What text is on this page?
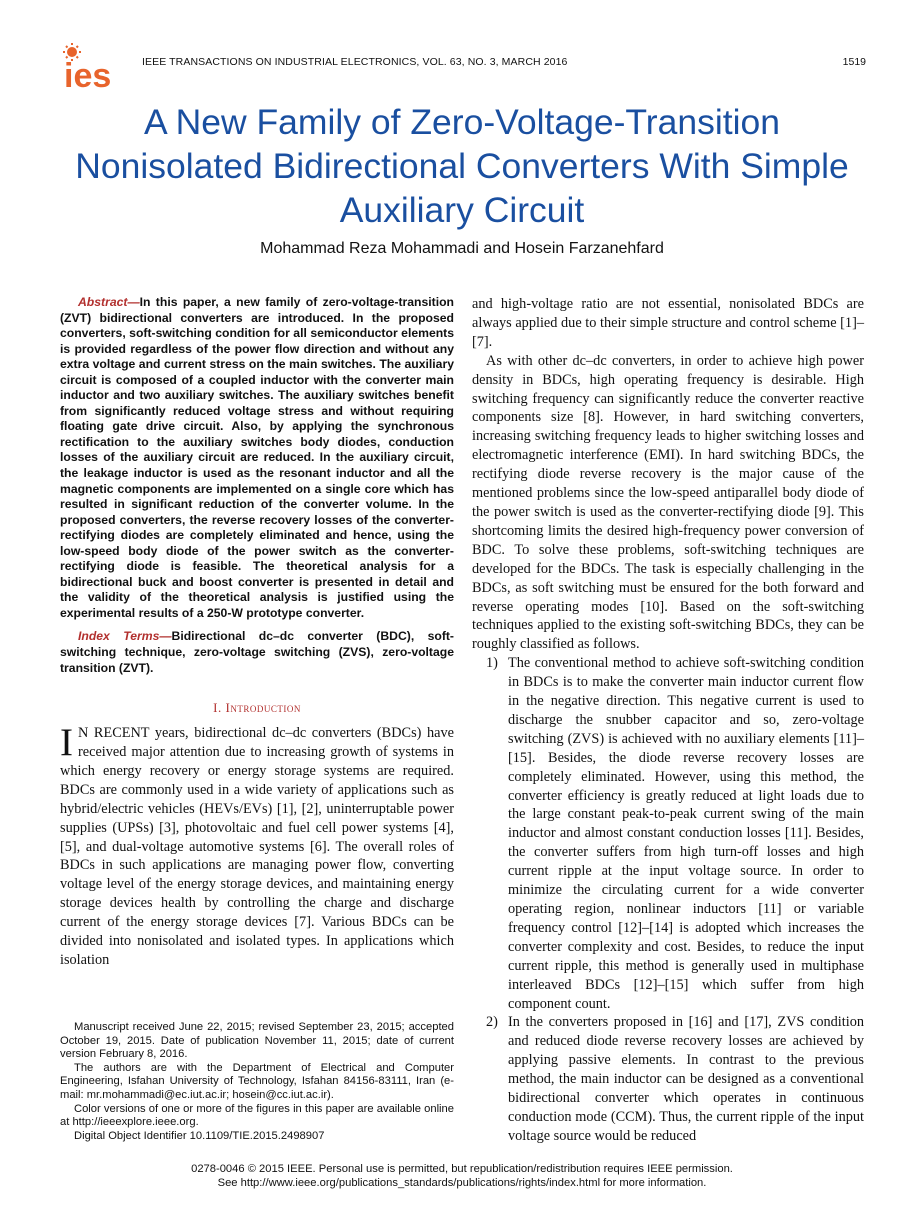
ies	IEEE TRANSACTIONS ON INDUSTRIAL ELECTRONICS, VOL. 63, NO. 3, MARCH 2016	1519
A New Family of Zero-Voltage-Transition Nonisolated Bidirectional Converters With Simple Auxiliary Circuit
Mohammad Reza Mohammadi and Hosein Farzanehfard

Abstract—In this paper, a new family of zero-voltage-transition (ZVT) bidirectional converters are introduced. In the proposed converters, soft-switching condition for all semiconductor elements is provided regardless of the power flow direction and without any extra voltage and current stress on the main switches. The auxiliary circuit is composed of a coupled inductor with the converter main inductor and two auxiliary switches. The auxiliary switches benefit from significantly reduced voltage stress and without requiring floating gate drive circuit. Also, by applying the synchronous rectification to the auxiliary switches body diodes, conduction losses of the auxiliary circuit are reduced. In the auxiliary circuit, the leakage inductor is used as the resonant inductor and all the magnetic components are implemented on a single core which has resulted in significant reduction of the converter volume. In the proposed converters, the reverse recovery losses of the converter-rectifying diodes are completely eliminated and hence, using the low-speed body diode of the power switch as the converter-rectifying diode is feasible. The theoretical analysis for a bidirectional buck and boost converter is presented in detail and the validity of the theoretical analysis is justified using the experimental results of a 250-W prototype converter.

Index Terms—Bidirectional dc–dc converter (BDC), soft-switching technique, zero-voltage switching (ZVS), zero-voltage transition (ZVT).

I. Introduction

I N RECENT years, bidirectional dc–dc converters (BDCs) have received major attention due to increasing growth of systems in which energy recovery or energy storage systems are required. BDCs are commonly used in a wide variety of applications such as hybrid/electric vehicles (HEVs/EVs) [1], [2], uninterruptable power supplies (UPSs) [3], photovoltaic and fuel cell power systems [4], [5], and dual-voltage automotive systems [6]. The overall roles of BDCs in such applications are managing power flow, converting voltage level of the energy storage devices, and maintaining energy storage devices health by controlling the charge and discharge current of the energy storage devices [7]. Various BDCs can be divided into nonisolated and isolated types. In applications which isolation

Manuscript received June 22, 2015; revised September 23, 2015; accepted October 19, 2015. Date of publication November 11, 2015; date of current version February 8, 2016.

The authors are with the Department of Electrical and Computer Engineering, Isfahan University of Technology, Isfahan 84156-83111, Iran (e-mail: mr.mohammadi@ec.iut.ac.ir; hosein@cc.iut.ac.ir).

Color versions of one or more of the figures in this paper are available online at http://ieeexplore.ieee.org.

Digital Object Identifier 10.1109/TIE.2015.2498907

and high-voltage ratio are not essential, nonisolated BDCs are always applied due to their simple structure and control scheme [1]–[7].

As with other dc–dc converters, in order to achieve high power density in BDCs, high operating frequency is desirable. High switching frequency can significantly reduce the converter reactive components size [8]. However, in hard switching converters, increasing switching frequency leads to higher switching losses and electromagnetic interference (EMI). In hard switching BDCs, the rectifying diode reverse recovery is the major cause of the mentioned problems since the low-speed antiparallel body diode of the power switch is used as the converter-rectifying diode [9]. This shortcoming limits the desired high-frequency power conversion of BDC. To solve these problems, soft-switching techniques are developed for the BDCs. The task is especially challenging in the BDCs, as soft switching must be ensured for the both forward and reverse operating modes [10]. Based on the soft-switching techniques applied to the existing soft-switching BDCs, they can be roughly classified as follows.

1) The conventional method to achieve soft-switching condition in BDCs is to make the converter main inductor current flow in the negative direction. This negative current is used to discharge the snubber capacitor and so, zero-voltage switching (ZVS) is achieved with no auxiliary elements [11]–[15]. Besides, the diode reverse recovery losses are completely eliminated. However, using this method, the converter efficiency is greatly reduced at light loads due to the large constant peak-to-peak current swing of the main inductor and almost constant conduction losses [11]. Besides, the converter suffers from high turn-off losses and high current ripple at the input voltage source. In order to minimize the circulating current for a wide converter operating region, nonlinear inductors [11] or variable frequency control [12]–[14] is adopted which increases the converter complexity and cost. Besides, to reduce the input current ripple, this method is generally used in multiphase interleaved BDCs [12]–[15] which suffer from high component count.
2) In the converters proposed in [16] and [17], ZVS condition and reduced diode reverse recovery losses are achieved by applying passive elements. In contrast to the previous method, the main inductor can be designed as a conventional bidirectional converter which operates in continuous conduction mode (CCM). Thus, the current ripple of the input voltage source would be reduced
0278-0046 © 2015 IEEE. Personal use is permitted, but republication/redistribution requires IEEE permission.
See http://www.ieee.org/publications_standards/publications/rights/index.html for more information.
